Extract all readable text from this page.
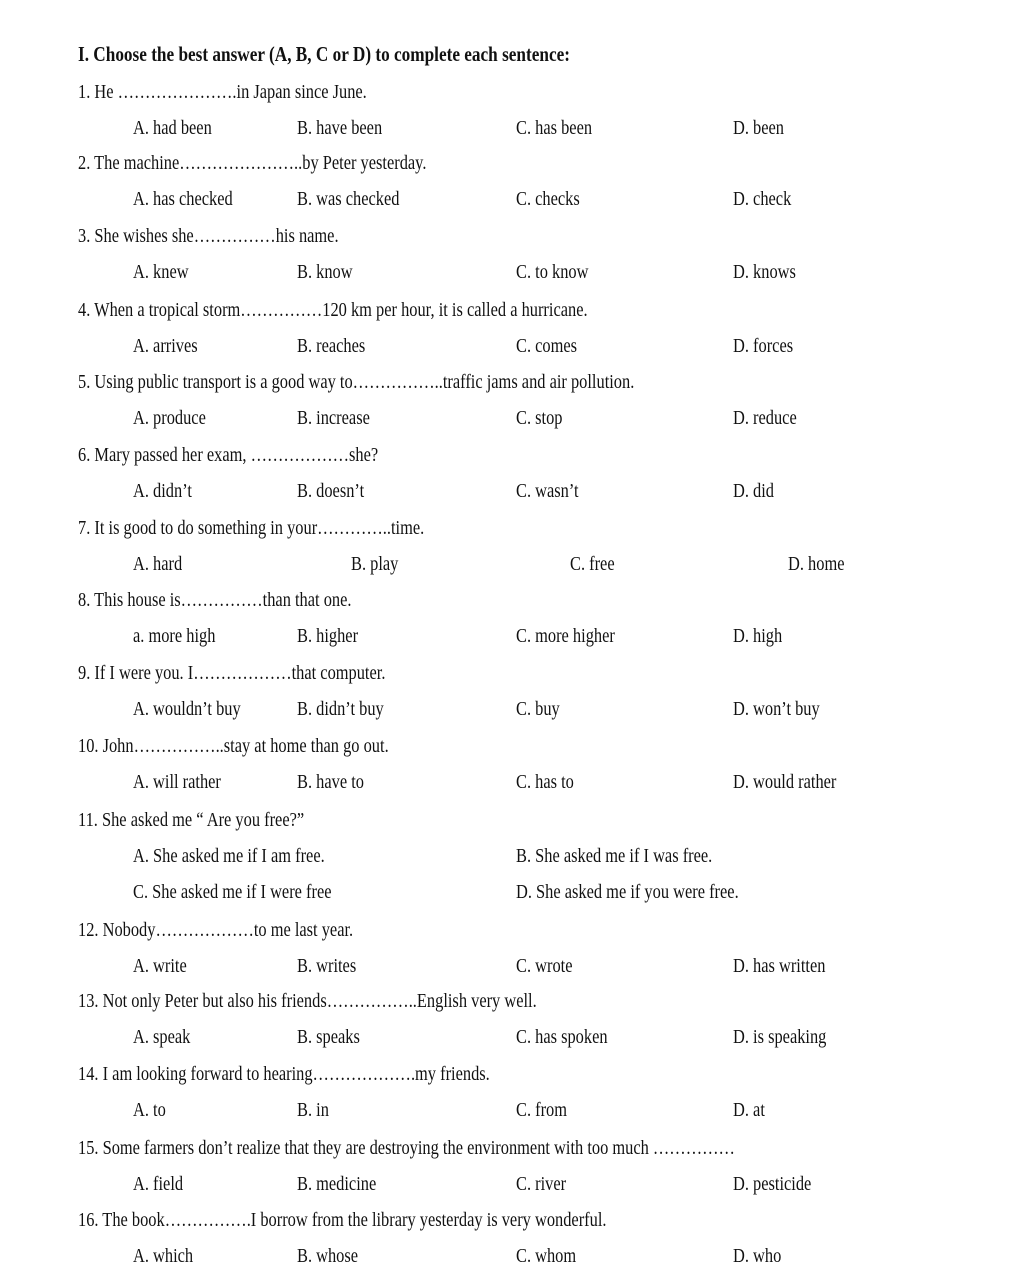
I. Choose the best answer (A, B, C or D) to complete each sentence:
1. He ………………….in Japan since June.
A. had been	B. have been	C. has been	D. been
2. The machine…………………..by Peter yesterday.
A. has checked	B. was checked	C. checks	D. check
3. She wishes she……………his name.
A. knew	B. know	C. to know	D. knows
4. When a tropical storm……………120 km per hour, it is called a hurricane.
A. arrives	B. reaches	C. comes	D. forces
5. Using public transport is a good way to……………..traffic jams and air pollution.
A. produce	B. increase	C. stop	D. reduce
6. Mary passed her exam, ………………she?
A. didn’t	B. doesn’t	C. wasn’t	D. did
7. It is good to do something in your…………..time.
A. hard	B. play	C. free	D. home
8. This house is……………than that one.
a. more high	B. higher	C. more higher	D. high
9. If I were you. I………………that computer.
A. wouldn’t buy	B. didn’t buy	C. buy	D. won’t buy
10. John……………..stay at home than go out.
A. will rather	B. have to	C. has to	D. would rather
11. She asked me “ Are you free?”
A. She asked me if I am free.	B. She asked me if I was free.
C. She asked me if I were free	D. She asked me if you were free.
12. Nobody………………to me last year.
A. write	B. writes	C. wrote	D. has written
13. Not only Peter but also his friends……………..English very well.
A. speak	B. speaks	C. has spoken	D. is speaking
14. I am looking forward to hearing……………….my friends.
A. to	B. in	C. from	D. at
15. Some farmers don’t realize that they are destroying the environment with too much ……………
A. field	B. medicine	C. river	D. pesticide
16. The book…………….I borrow from the library yesterday is very wonderful.
A. which	B. whose	C. whom	D. who
